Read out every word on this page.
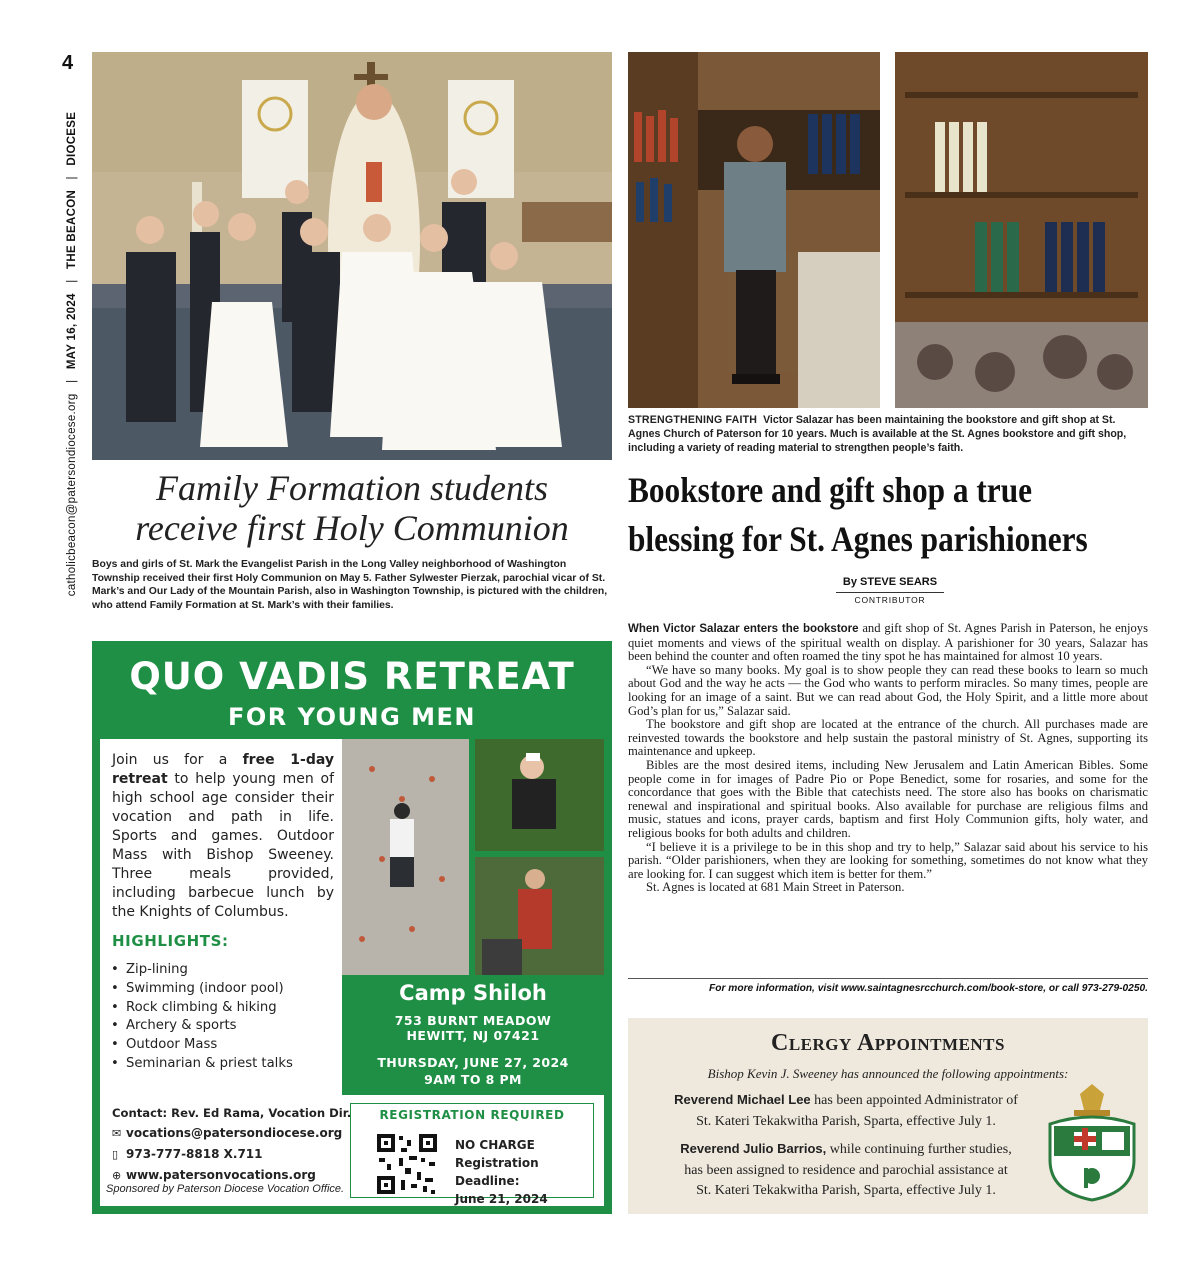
4
catholicbeacon@patersondiocese.org   |   MAY 16, 2024   |   THE BEACON   |   DIOCESE
STRENGTHENING FAITH Victor Salazar has been maintaining the bookstore and gift shop at St. Agnes Church of Paterson for 10 years. Much is available at the St. Agnes bookstore and gift shop, including a variety of reading material to strengthen people’s faith.
Family Formation students
receive first Holy Communion
Boys and girls of St. Mark the Evangelist Parish in the Long Valley neighborhood of Washington Township received their first Holy Communion on May 5. Father Sylwester Pierzak, parochial vicar of St. Mark’s and Our Lady of the Mountain Parish, also in Washington Township, is pictured with the children, who attend Family Formation at St. Mark’s with their families.
Bookstore and gift shop a true
blessing for St. Agnes parishioners
By STEVE SEARS
CONTRIBUTOR

When Victor Salazar enters the bookstore and gift shop of St. Agnes Parish in Paterson, he enjoys quiet moments and views of the spiritual wealth on display. A parishioner for 30 years, Salazar has been behind the counter and often roamed the tiny spot he has maintained for almost 10 years.

“We have so many books. My goal is to show people they can read these books to learn so much about God and the way he acts — the God who wants to perform miracles. So many times, people are looking for an image of a saint. But we can read about God, the Holy Spirit, and a little more about God’s plan for us,” Salazar said.

The bookstore and gift shop are located at the entrance of the church. All purchases made are reinvested towards the bookstore and help sustain the pastoral ministry of St. Agnes, supporting its maintenance and upkeep.

Bibles are the most desired items, including New Jerusalem and Latin American Bibles. Some people come in for images of Padre Pio or Pope Benedict, some for rosaries, and some for the concordance that goes with the Bible that catechists need. The store also has books on charismatic renewal and inspirational and spiritual books. Also available for purchase are religious films and music, statues and icons, prayer cards, baptism and first Holy Communion gifts, holy water, and religious books for both adults and children.

“I believe it is a privilege to be in this shop and try to help,” Salazar said about his service to his parish. “Older parishioners, when they are looking for something, sometimes do not know what they are looking for. I can suggest which item is better for them.”

St. Agnes is located at 681 Main Street in Paterson.

For more information, visit www.saintagnesrcchurch.com/book-store, or call 973-279-0250.
QUO VADIS RETREAT
FOR YOUNG MEN
Join us for a free 1-day retreat to help young men of high school age consider their vocation and path in life. Sports and games. Outdoor Mass with Bishop Sweeney. Three meals provided, including barbecue lunch by the Knights of Columbus.
HIGHLIGHTS:
• Zip-lining
• Swimming (indoor pool)
• Rock climbing & hiking
• Archery & sports
• Outdoor Mass
• Seminarian & priest talks
Camp Shiloh
753 BURNT MEADOW
HEWITT, NJ 07421
THURSDAY, JUNE 27, 2024
9AM TO 8 PM
Contact: Rev. Ed Rama, Vocation Dir.
✉ vocations@patersondiocese.org
▯ 973-777-8818 X.711
⊕ www.patersonvocations.org
Sponsored by Paterson Diocese Vocation Office.
REGISTRATION REQUIRED
NO CHARGE
Registration Deadline:
June 21, 2024
Clergy Appointments
Bishop Kevin J. Sweeney has announced the following appointments:
Reverend Michael Lee has been appointed Administrator of
St. Kateri Tekakwitha Parish, Sparta, effective July 1.
Reverend Julio Barrios, while continuing further studies,
has been assigned to residence and parochial assistance at
St. Kateri Tekakwitha Parish, Sparta, effective July 1.
